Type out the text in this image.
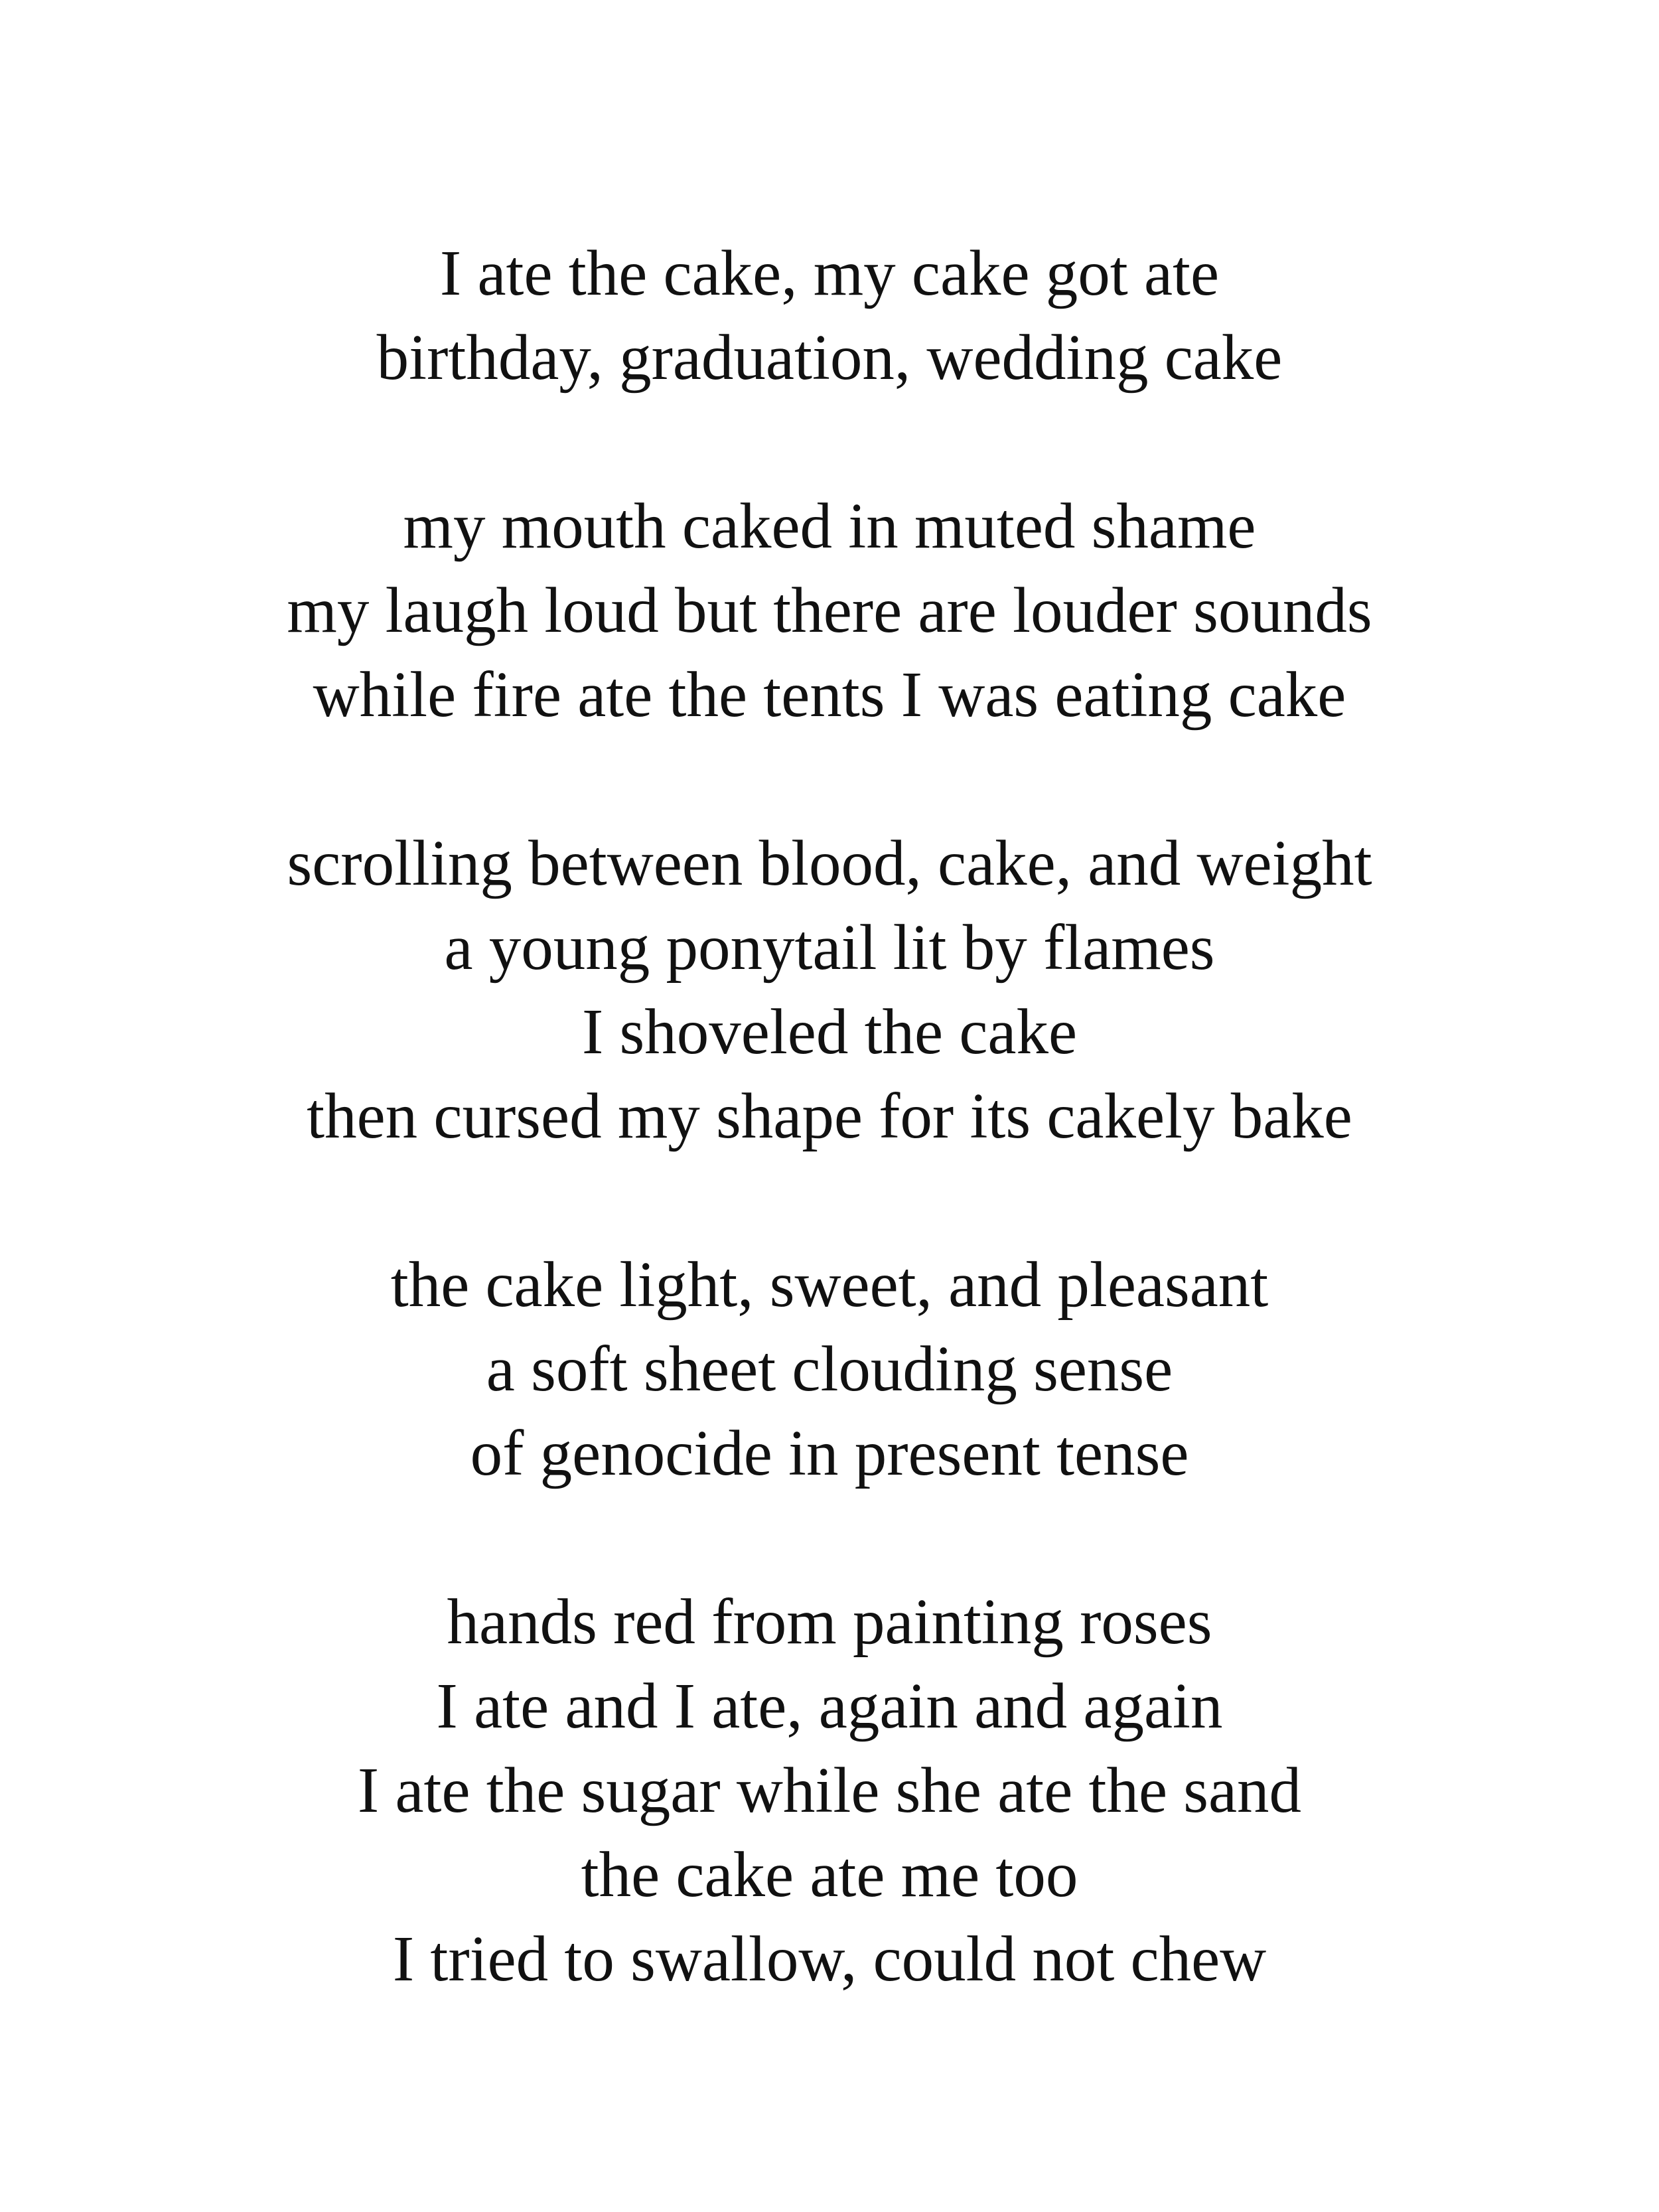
I ate the cake, my cake got ate
birthday, graduation, wedding cake
my mouth caked in muted shame
my laugh loud but there are louder sounds
while fire ate the tents I was eating cake
scrolling between blood, cake, and weight
a young ponytail lit by flames
I shoveled the cake
then cursed my shape for its cakely bake
the cake light, sweet, and pleasant
a soft sheet clouding sense
of genocide in present tense
hands red from painting roses
I ate and I ate, again and again
I ate the sugar while she ate the sand
the cake ate me too
I tried to swallow, could not chew
